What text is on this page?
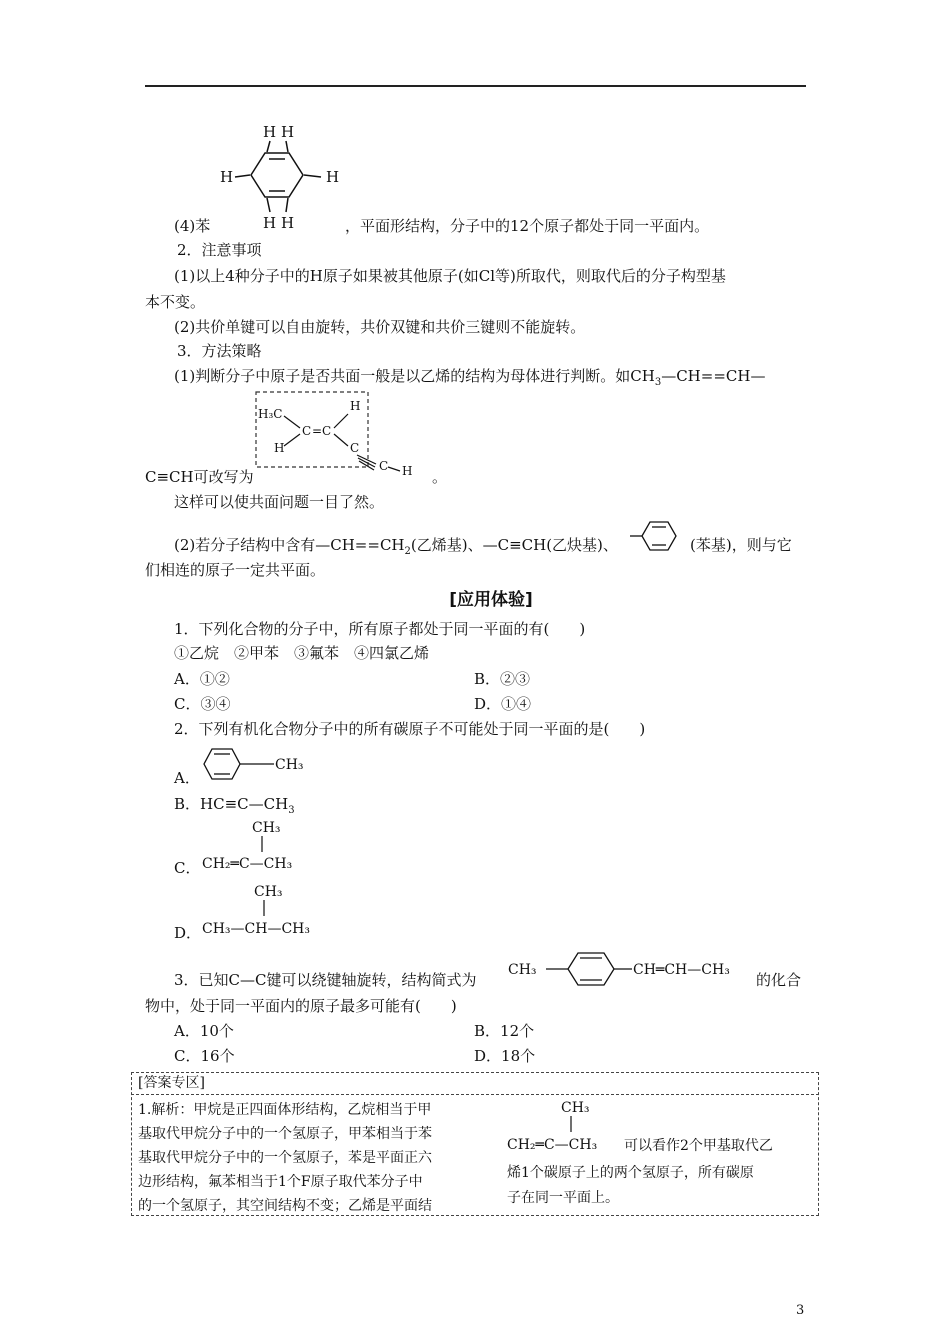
H H
H	H
H H
(4)苯	，平面形结构，分子中的12个原子都处于同一平面内。
2．注意事项
(1)以上4种分子中的H原子如果被其他原子(如Cl等)所取代，则取代后的分子构型基
本不变。
(2)共价单键可以自由旋转，共价双键和共价三键则不能旋转。
3．方法策略
(1)判断分子中原子是否共面一般是以乙烯的结构为母体进行判断。如$CH_3—CH==CH—$
H₃C
C = C
H
H	C
C H
C≡CH可改写为	。
这样可以使共面问题一目了然。
(2)若分子结构中含有$—CH==CH_2$(乙烯基)、—C≡CH(乙炔基)、	(苯基)，则与它
们相连的原子一定共平面。
[应用体验]
1．下列化合物的分子中，所有原子都处于同一平面的有(　　)
①乙烷　②甲苯　③氟苯　④四氯乙烯
A．①②	B．②③
C．③④	D．①④
2．下列有机化合物分子中的所有碳原子不可能处于同一平面的是(　　)
A．
CH₃
B．$HC\equiv C—CH_3$
C．
CH₃
CH₂═C—CH₃
D．
CH₃
CH₃—CH—CH₃
3．已知C—C键可以绕键轴旋转，结构简式为
CH₃	CH═CH—CH₃
的化合
物中，处于同一平面内的原子最多可能有(　　)
A．10个	B．12个
C．16个	D．18个
[答案专区]
1.解析：甲烷是正四面体形结构，乙烷相当于甲
基取代甲烷分子中的一个氢原子，甲苯相当于苯
基取代甲烷分子中的一个氢原子，苯是平面正六
边形结构，氟苯相当于1个F原子取代苯分子中
的一个氢原子，其空间结构不变；乙烯是平面结
CH₃
CH₂═C—CH₃ 可以看作2个甲基取代乙
烯1个碳原子上的两个氢原子，所有碳原
子在同一平面上。
3
